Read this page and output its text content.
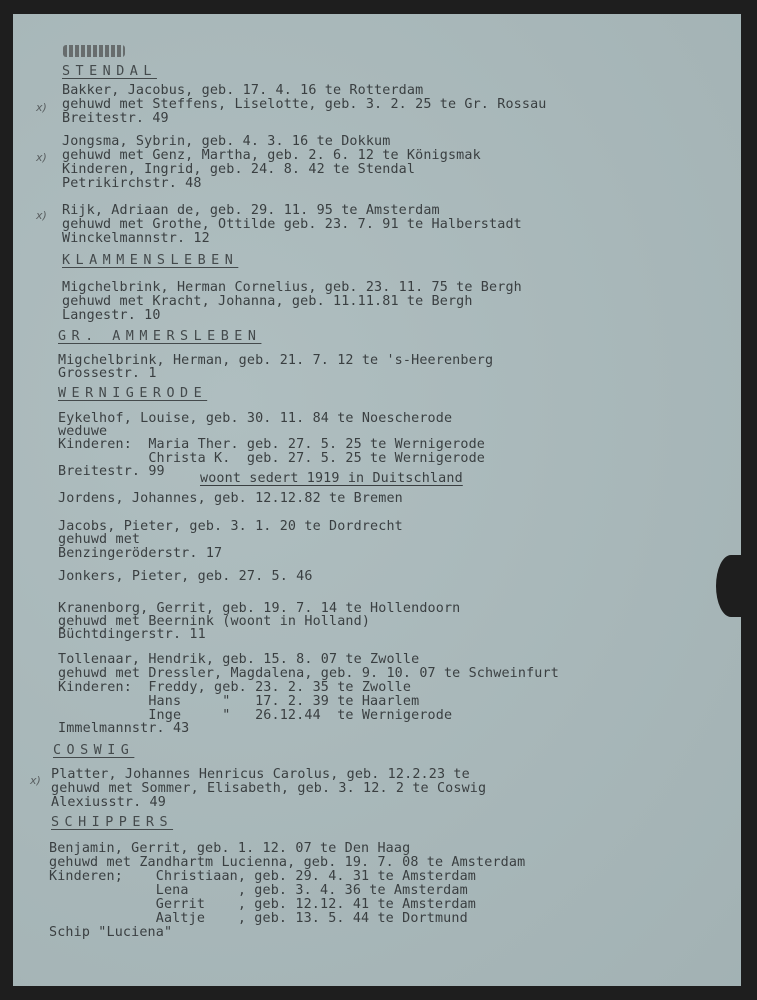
STENDAL
x)
Bakker, Jacobus, geb. 17. 4. 16 te Rotterdam
gehuwd met Steffens, Liselotte, geb. 3. 2. 25 te Gr. Rossau
Breitestr. 49
x)
Jongsma, Sybrin, geb. 4. 3. 16 te Dokkum
gehuwd met Genz, Martha, geb. 2. 6. 12 te Königsmak
Kinderen, Ingrid, geb. 24. 8. 42 te Stendal
Petrikirchstr. 48
x) Rijk, Adriaan de, geb. 29. 11. 95 te Amsterdam
gehuwd met Grothe, Ottilde geb. 23. 7. 91 te Halberstadt
Winckelmannstr. 12
KLAMMENSLEBEN
Migchelbrink, Herman Cornelius, geb. 23. 11. 75 te Bergh
gehuwd met Kracht, Johanna, geb. 11.11.81 te Bergh
Langestr. 10
GR. AMMERSLEBEN
Migchelbrink, Herman, geb. 21. 7. 12 te 's-Heerenberg
Grossestr. 1
WERNIGERODE
Eykelhof, Louise, geb. 30. 11. 84 te Noescherode
weduwe
Kinderen:  Maria Ther. geb. 27. 5. 25 te Wernigerode
Christa K.  geb. 27. 5. 25 te Wernigerode
Breitestr. 99	woont sedert 1919 in Duitschland
Jordens, Johannes, geb. 12.12.82 te Bremen
Jacobs, Pieter, geb. 3. 1. 20 te Dordrecht
gehuwd met
Benzingeröderstr. 17
Jonkers, Pieter, geb. 27. 5. 46
Kranenborg, Gerrit, geb. 19. 7. 14 te Hollendoorn
gehuwd met Beernink (woont in Holland)
Büchtdingerstr. 11
Tollenaar, Hendrik, geb. 15. 8. 07 te Zwolle
gehuwd met Dressler, Magdalena, geb. 9. 10. 07 te Schweinfurt
Kinderen:  Freddy, geb. 23. 2. 35 te Zwolle
Hans     "   17. 2. 39 te Haarlem
Inge     "   26.12.44  te Wernigerode
Immelmannstr. 43
COSWIG
x) Platter, Johannes Henricus Carolus, geb. 12.2.23 te
gehuwd met Sommer, Elisabeth, geb. 3. 12. 2 te Coswig
Alexiusstr. 49
SCHIPPERS
Benjamin, Gerrit, geb. 1. 12. 07 te Den Haag
gehuwd met Zandhartm Lucienna, geb. 19. 7. 08 te Amsterdam
Kinderen;    Christiaan, geb. 29. 4. 31 te Amsterdam
Lena      , geb. 3. 4. 36 te Amsterdam
Gerrit    , geb. 12.12. 41 te Amsterdam
Aaltje    , geb. 13. 5. 44 te Dortmund
Schip "Luciena"
